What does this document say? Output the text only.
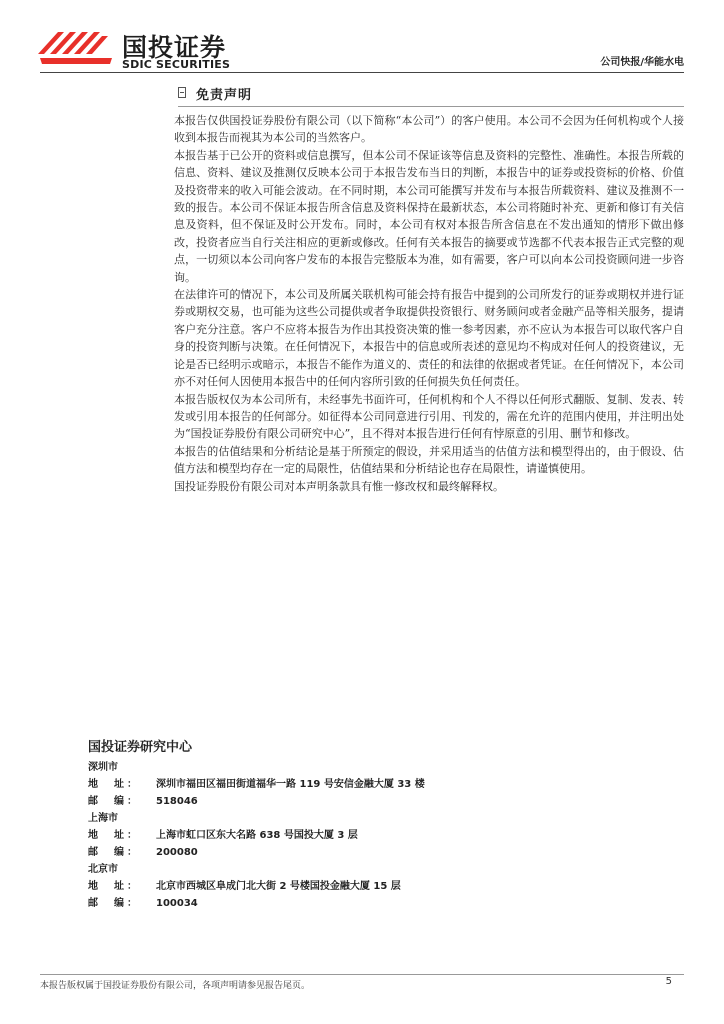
国投证券
SDIC SECURITIES	公司快报/华能水电
免责声明

本报告仅供国投证券股份有限公司（以下简称“本公司”）的客户使用。本公司不会因为任何机构或个人接收到本报告而视其为本公司的当然客户。

本报告基于已公开的资料或信息撰写，但本公司不保证该等信息及资料的完整性、准确性。本报告所载的信息、资料、建议及推测仅反映本公司于本报告发布当日的判断，本报告中的证券或投资标的价格、价值及投资带来的收入可能会波动。在不同时期，本公司可能撰写并发布与本报告所载资料、建议及推测不一致的报告。本公司不保证本报告所含信息及资料保持在最新状态，本公司将随时补充、更新和修订有关信息及资料，但不保证及时公开发布。同时，本公司有权对本报告所含信息在不发出通知的情形下做出修改，投资者应当自行关注相应的更新或修改。任何有关本报告的摘要或节选都不代表本报告正式完整的观点，一切须以本公司向客户发布的本报告完整版本为准，如有需要，客户可以向本公司投资顾问进一步咨询。

在法律许可的情况下，本公司及所属关联机构可能会持有报告中提到的公司所发行的证券或期权并进行证券或期权交易，也可能为这些公司提供或者争取提供投资银行、财务顾问或者金融产品等相关服务，提请客户充分注意。客户不应将本报告为作出其投资决策的惟一参考因素，亦不应认为本报告可以取代客户自身的投资判断与决策。在任何情况下，本报告中的信息或所表述的意见均不构成对任何人的投资建议，无论是否已经明示或暗示，本报告不能作为道义的、责任的和法律的依据或者凭证。在任何情况下，本公司亦不对任何人因使用本报告中的任何内容所引致的任何损失负任何责任。

本报告版权仅为本公司所有，未经事先书面许可，任何机构和个人不得以任何形式翻版、复制、发表、转发或引用本报告的任何部分。如征得本公司同意进行引用、刊发的，需在允许的范围内使用，并注明出处为“国投证券股份有限公司研究中心”，且不得对本报告进行任何有悖原意的引用、删节和修改。

本报告的估值结果和分析结论是基于所预定的假设，并采用适当的估值方法和模型得出的，由于假设、估值方法和模型均存在一定的局限性，估值结果和分析结论也存在局限性，请谨慎使用。

国投证券股份有限公司对本声明条款具有惟一修改权和最终解释权。

国投证券研究中心
深圳市
地　址： 深圳市福田区福田街道福华一路 119 号安信金融大厦 33 楼
邮　编： 518046
上海市
地　址： 上海市虹口区东大名路 638 号国投大厦 3 层
邮　编： 200080
北京市
地　址： 北京市西城区阜成门北大街 2 号楼国投金融大厦 15 层
邮　编： 100034
本报告版权属于国投证券股份有限公司，各项声明请参见报告尾页。	5
